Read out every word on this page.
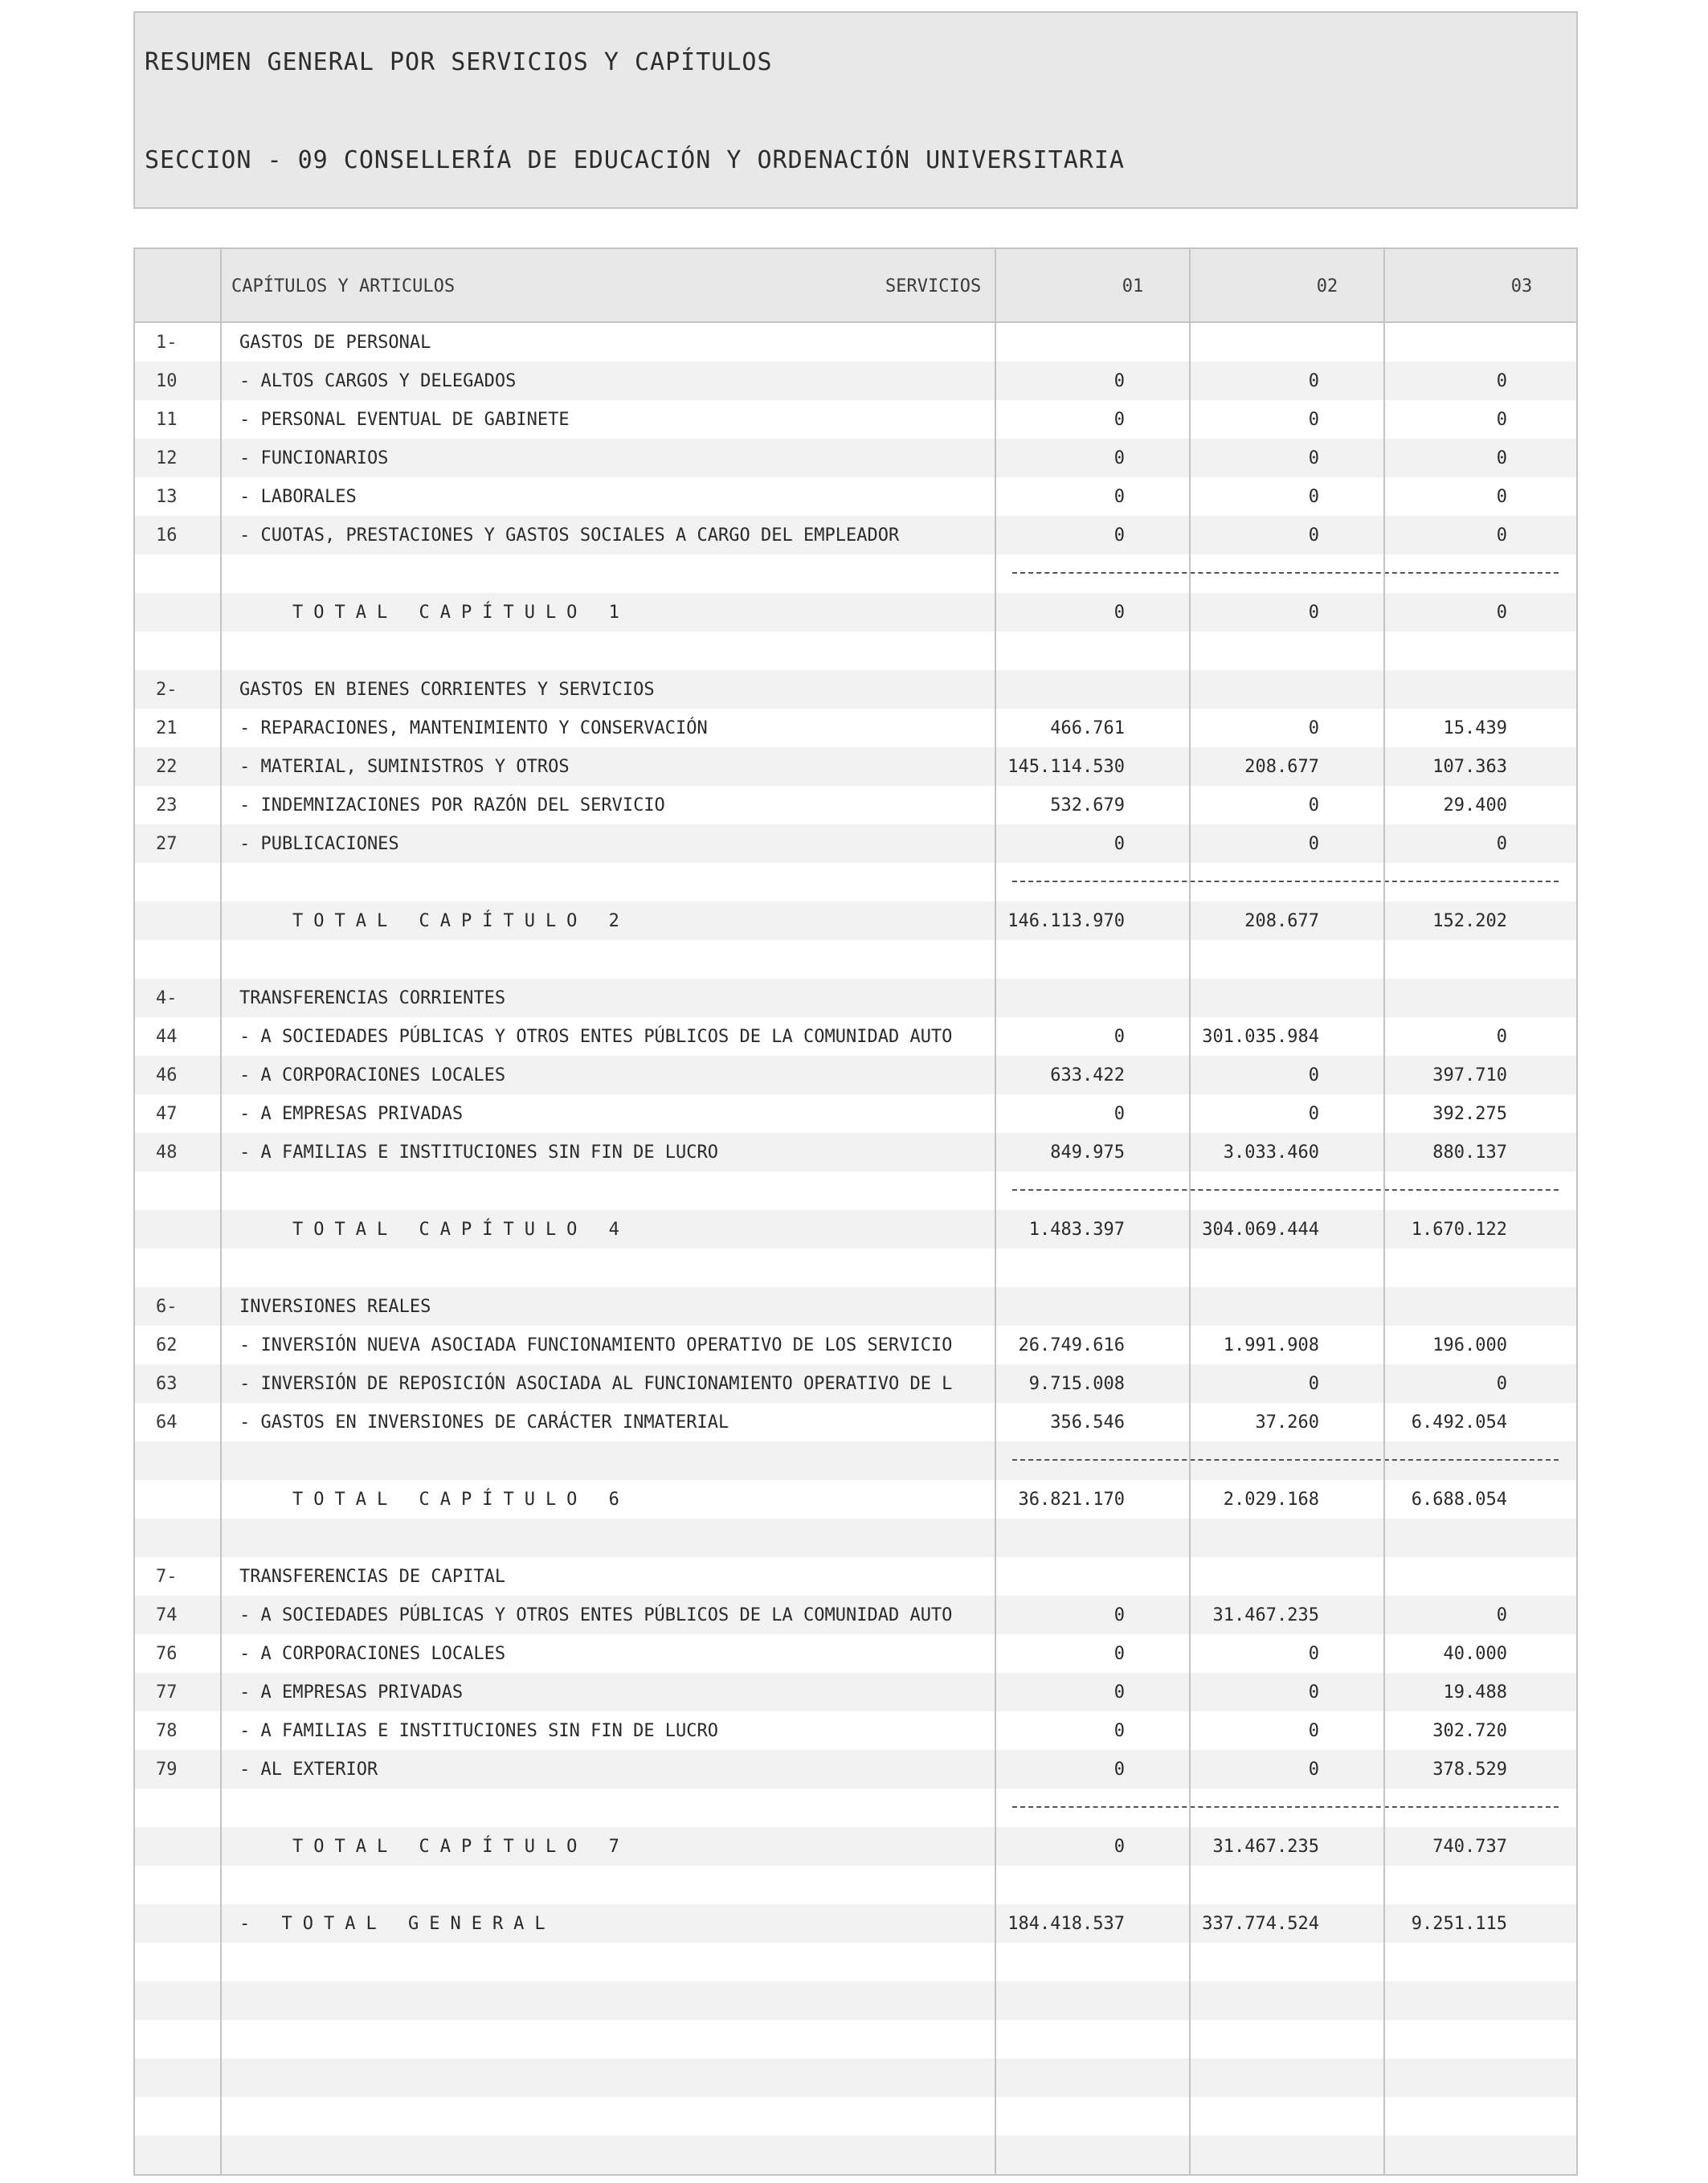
RESUMEN GENERAL POR SERVICIOS Y CAPÍTULOS
SECCION - 09 CONSELLERÍA DE EDUCACIÓN Y ORDENACIÓN UNIVERSITARIA
CAPÍTULOS Y ARTICULOS	SERVICIOS	01	02	03
1-	GASTOS DE PERSONAL
10	- ALTOS CARGOS Y DELEGADOS	0	0	0
11	- PERSONAL EVENTUAL DE GABINETE	0	0	0
12	- FUNCIONARIOS	0	0	0
13	- LABORALES	0	0	0
16	- CUOTAS, PRESTACIONES Y GASTOS SOCIALES A CARGO DEL EMPLEADOR	0	0	0
TOTAL CAPÍTULO 1	0	0	0
2-	GASTOS EN BIENES CORRIENTES Y SERVICIOS
21	- REPARACIONES, MANTENIMIENTO Y CONSERVACIÓN	466.761	0	15.439
22	- MATERIAL, SUMINISTROS Y OTROS	145.114.530	208.677	107.363
23	- INDEMNIZACIONES POR RAZÓN DEL SERVICIO	532.679	0	29.400
27	- PUBLICACIONES	0	0	0
TOTAL CAPÍTULO 2	146.113.970	208.677	152.202
4-	TRANSFERENCIAS CORRIENTES
44	- A SOCIEDADES PÚBLICAS Y OTROS ENTES PÚBLICOS DE LA COMUNIDAD AUTO	0	301.035.984	0
46	- A CORPORACIONES LOCALES	633.422	0	397.710
47	- A EMPRESAS PRIVADAS	0	0	392.275
48	- A FAMILIAS E INSTITUCIONES SIN FIN DE LUCRO	849.975	3.033.460	880.137
TOTAL CAPÍTULO 4	1.483.397	304.069.444	1.670.122
6-	INVERSIONES REALES
62	- INVERSIÓN NUEVA ASOCIADA FUNCIONAMIENTO OPERATIVO DE LOS SERVICIO	26.749.616	1.991.908	196.000
63	- INVERSIÓN DE REPOSICIÓN ASOCIADA AL FUNCIONAMIENTO OPERATIVO DE L	9.715.008	0	0
64	- GASTOS EN INVERSIONES DE CARÁCTER INMATERIAL	356.546	37.260	6.492.054
TOTAL CAPÍTULO 6	36.821.170	2.029.168	6.688.054
7-	TRANSFERENCIAS DE CAPITAL
74	- A SOCIEDADES PÚBLICAS Y OTROS ENTES PÚBLICOS DE LA COMUNIDAD AUTO	0	31.467.235	0
76	- A CORPORACIONES LOCALES	0	0	40.000
77	- A EMPRESAS PRIVADAS	0	0	19.488
78	- A FAMILIAS E INSTITUCIONES SIN FIN DE LUCRO	0	0	302.720
79	- AL EXTERIOR	0	0	378.529
TOTAL CAPÍTULO 7	0	31.467.235	740.737
- TOTAL GENERAL	184.418.537	337.774.524	9.251.115
